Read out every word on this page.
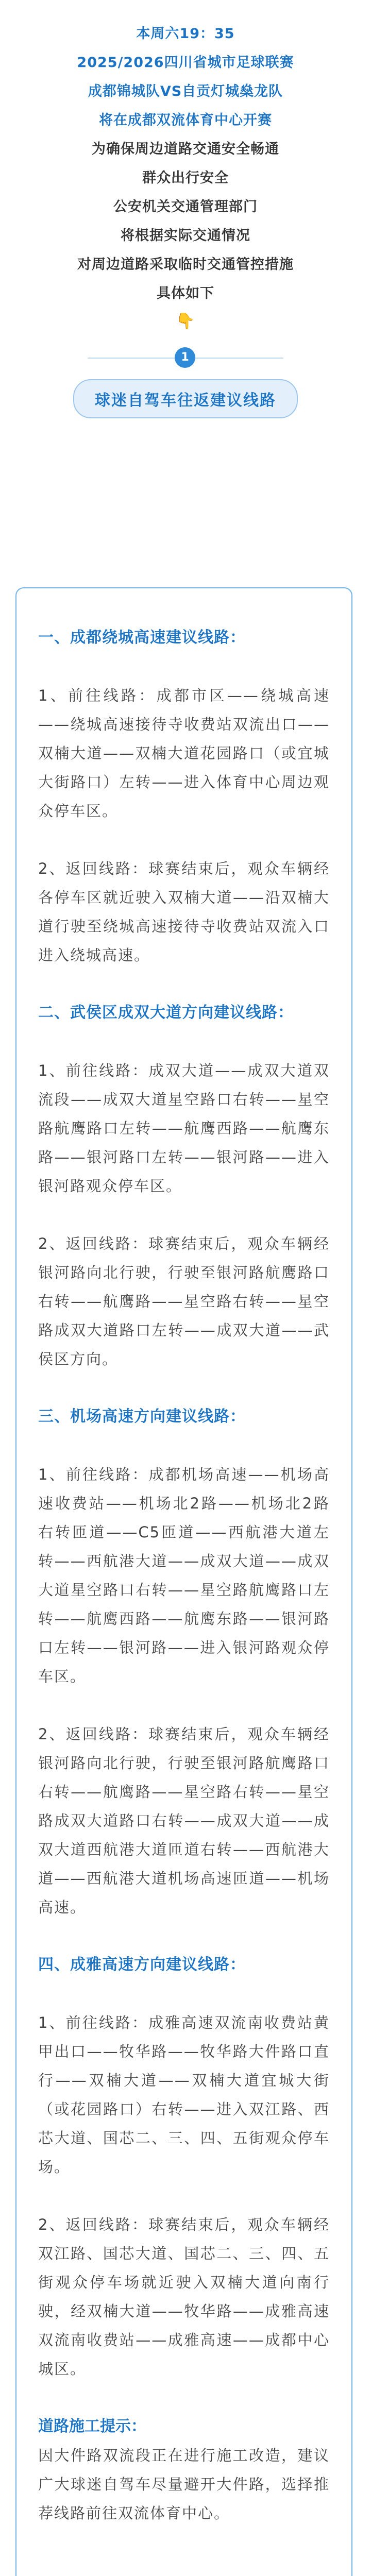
本周六19：35
2025/2026四川省城市足球联赛
成都锦城队VS自贡灯城燊龙队
将在成都双流体育中心开赛
为确保周边道路交通安全畅通
群众出行安全
公安机关交通管理部门
将根据实际交通情况
对周边道路采取临时交通管控措施
具体如下
👇
1
球迷自驾车往返建议线路
一、成都绕城高速建议线路：
1、前往线路：成都市区——绕城高速——绕城高速接待寺收费站双流出口——双楠大道——双楠大道花园路口（或宜城大街路口）左转——进入体育中心周边观众停车区。
2、返回线路：球赛结束后，观众车辆经各停车区就近驶入双楠大道——沿双楠大道行驶至绕城高速接待寺收费站双流入口进入绕城高速。
二、武侯区成双大道方向建议线路：
1、前往线路：成双大道——成双大道双流段——成双大道星空路口右转——星空路航鹰路口左转——航鹰西路——航鹰东路——银河路口左转——银河路——进入银河路观众停车区。
2、返回线路：球赛结束后，观众车辆经银河路向北行驶，行驶至银河路航鹰路口右转——航鹰路——星空路右转——星空路成双大道路口左转——成双大道——武侯区方向。
三、机场高速方向建议线路：
1、前往线路：成都机场高速——机场高速收费站——机场北2路——机场北2路右转匝道——C5匝道——西航港大道左转——西航港大道——成双大道——成双大道星空路口右转——星空路航鹰路口左转——航鹰西路——航鹰东路——银河路口左转——银河路——进入银河路观众停车区。
2、返回线路：球赛结束后，观众车辆经银河路向北行驶，行驶至银河路航鹰路口右转——航鹰路——星空路右转——星空路成双大道路口右转——成双大道——成双大道西航港大道匝道右转——西航港大道——西航港大道机场高速匝道——机场高速。
四、成雅高速方向建议线路：
1、前往线路：成雅高速双流南收费站黄甲出口——牧华路——牧华路大件路口直行——双楠大道——双楠大道宜城大街（或花园路口）右转——进入双江路、西芯大道、国芯二、三、四、五街观众停车场。
2、返回线路：球赛结束后，观众车辆经双江路、国芯大道、国芯二、三、四、五街观众停车场就近驶入双楠大道向南行驶，经双楠大道——牧华路——成雅高速双流南收费站——成雅高速——成都中心城区。
道路施工提示：
因大件路双流段正在进行施工改造，建议广大球迷自驾车尽量避开大件路，选择推荐线路前往双流体育中心。
